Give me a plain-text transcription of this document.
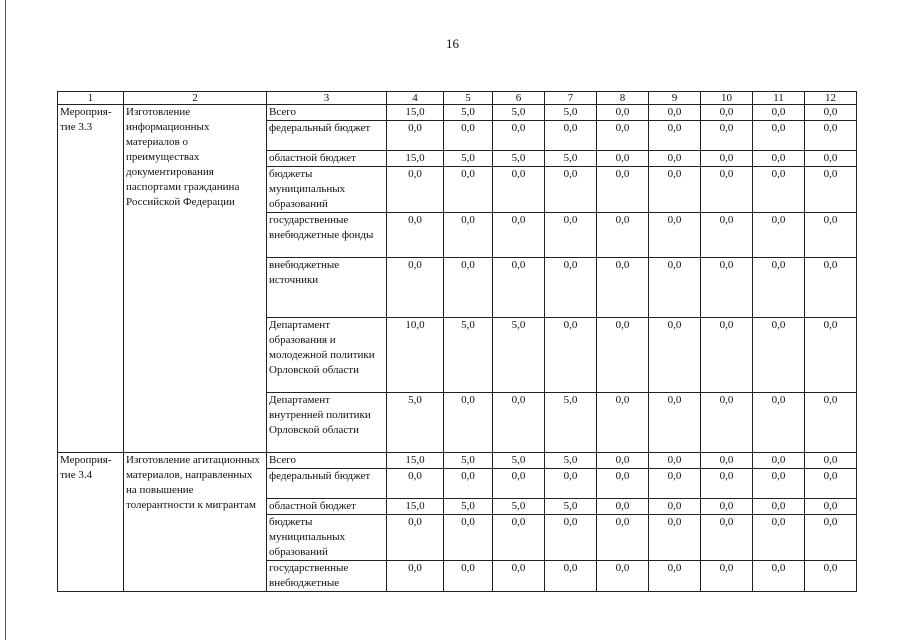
16
1	2	3	4	5	6	7	8	9	10	11	12
Мероприя-тие 3.3	Изготовление информационных материалов о преимуществах документирования паспортами гражданина Российской Федерации	Всего	15,0	5,0	5,0	5,0	0,0	0,0	0,0	0,0	0,0
		федеральный бюджет	0,0	0,0	0,0	0,0	0,0	0,0	0,0	0,0	0,0
		областной бюджет	15,0	5,0	5,0	5,0	0,0	0,0	0,0	0,0	0,0
		бюджеты муниципальных образований	0,0	0,0	0,0	0,0	0,0	0,0	0,0	0,0	0,0
		государственные внебюджетные фонды	0,0	0,0	0,0	0,0	0,0	0,0	0,0	0,0	0,0
		внебюджетные источники	0,0	0,0	0,0	0,0	0,0	0,0	0,0	0,0	0,0
		Департамент образования и молодежной политики Орловской области	10,0	5,0	5,0	0,0	0,0	0,0	0,0	0,0	0,0
		Департамент внутренней политики Орловской области	5,0	0,0	0,0	5,0	0,0	0,0	0,0	0,0	0,0
Мероприя-тие 3.4	Изготовление агитационных материалов, направленных на повышение толерантности к мигрантам	Всего	15,0	5,0	5,0	5,0	0,0	0,0	0,0	0,0	0,0
		федеральный бюджет	0,0	0,0	0,0	0,0	0,0	0,0	0,0	0,0	0,0
		областной бюджет	15,0	5,0	5,0	5,0	0,0	0,0	0,0	0,0	0,0
		бюджеты муниципальных образований	0,0	0,0	0,0	0,0	0,0	0,0	0,0	0,0	0,0
		государственные внебюджетные	0,0	0,0	0,0	0,0	0,0	0,0	0,0	0,0	0,0
